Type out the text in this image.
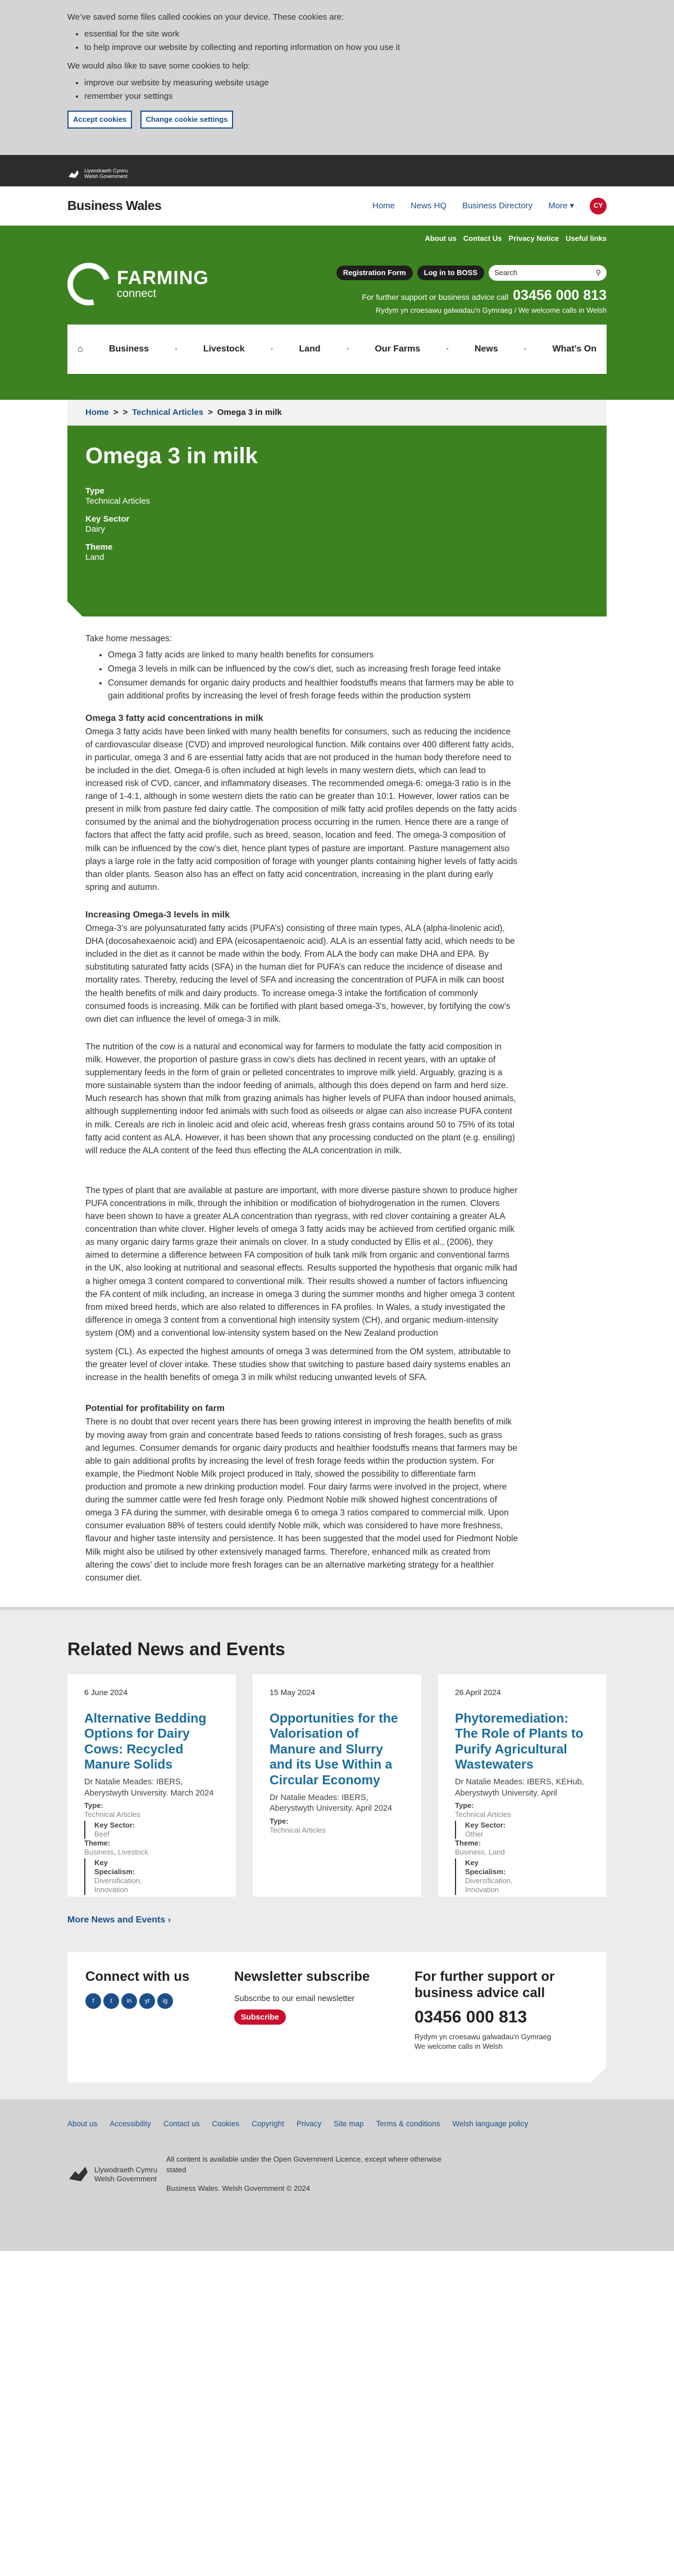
We’ve saved some files called cookies on your device. These cookies are:

• essential for the site work
• to help improve our website by collecting and reporting information on how you use it

We would also like to save some cookies to help:

• improve our website by measuring website usage
• remember your settings
Accept cookies	Change cookie settings
Llywodraeth Cymru
Welsh Government
Business Wales	Home News HQ Business Directory More ▾	CY
About us Contact Us Privacy Notice Useful links
FARMING
connect
Registration Form	Log in to BOSS	Search	⚲
For further support or business advice call 03456 000 813
Rydym yn croesawu galwadau'n Gymraeg / We welcome calls in Welsh
⌂	Business	•	Livestock	•	Land	•	Our Farms	•	News	•	What's On
Home > > Technical Articles > Omega 3 in milk
Omega 3 in milk
Type
Technical Articles
Key Sector
Dairy
Theme
Land
Take home messages:
• Omega 3 fatty acids are linked to many health benefits for consumers
• Omega 3 levels in milk can be influenced by the cow’s diet, such as increasing fresh forage feed intake
• Consumer demands for organic dairy products and healthier foodstuffs means that farmers may be able to gain additional profits by increasing the level of fresh forage feeds within the production system
Omega 3 fatty acid concentrations in milk

Omega 3 fatty acids have been linked with many health benefits for consumers, such as reducing the incidence of cardiovascular disease (CVD) and improved neurological function. Milk contains over 400 different fatty acids, in particular, omega 3 and 6 are essential fatty acids that are not produced in the human body therefore need to be included in the diet. Omega-6 is often included at high levels in many western diets, which can lead to increased risk of CVD, cancer, and inflammatory diseases. The recommended omega-6: omega-3 ratio is in the range of 1-4:1, although in some western diets the ratio can be greater than 10:1. However, lower ratios can be present in milk from pasture fed dairy cattle. The composition of milk fatty acid profiles depends on the fatty acids consumed by the animal and the biohydrogenation process occurring in the rumen. Hence there are a range of factors that affect the fatty acid profile, such as breed, season, location and feed. The omega-3 composition of milk can be influenced by the cow’s diet, hence plant types of pasture are important. Pasture management also plays a large role in the fatty acid composition of forage with younger plants containing higher levels of fatty acids than older plants. Season also has an effect on fatty acid concentration, increasing in the plant during early spring and autumn.

Increasing Omega-3 levels in milk

Omega-3’s are polyunsaturated fatty acids (PUFA’s) consisting of three main types, ALA (alpha-linolenic acid), DHA (docosahexaenoic acid) and EPA (eicosapentaenoic acid). ALA is an essential fatty acid, which needs to be included in the diet as it cannot be made within the body. From ALA the body can make DHA and EPA. By substituting saturated fatty acids (SFA) in the human diet for PUFA’s can reduce the incidence of disease and mortality rates. Thereby, reducing the level of SFA and increasing the concentration of PUFA in milk can boost the health benefits of milk and dairy products. To increase omega-3 intake the fortification of commonly consumed foods is increasing. Milk can be fortified with plant based omega-3’s, however, by fortifying the cow’s own diet can influence the level of omega-3 in milk.

The nutrition of the cow is a natural and economical way for farmers to modulate the fatty acid composition in milk. However, the proportion of pasture grass in cow’s diets has declined in recent years, with an uptake of supplementary feeds in the form of grain or pelleted concentrates to improve milk yield. Arguably, grazing is a more sustainable system than the indoor feeding of animals, although this does depend on farm and herd size. Much research has shown that milk from grazing animals has higher levels of PUFA than indoor housed animals, although supplementing indoor fed animals with such food as oilseeds or algae can also increase PUFA content in milk. Cereals are rich in linoleic acid and oleic acid, whereas fresh grass contains around 50 to 75% of its total fatty acid content as ALA. However, it has been shown that any processing conducted on the plant (e.g. ensiling) will reduce the ALA content of the feed thus effecting the ALA concentration in milk.

The types of plant that are available at pasture are important, with more diverse pasture shown to produce higher PUFA concentrations in milk, through the inhibition or modification of biohydrogenation in the rumen. Clovers have been shown to have a greater ALA concentration than ryegrass, with red clover containing a greater ALA concentration than white clover. Higher levels of omega 3 fatty acids may be achieved from certified organic milk as many organic dairy farms graze their animals on clover. In a study conducted by Ellis et al., (2006), they aimed to determine a difference between FA composition of bulk tank milk from organic and conventional farms in the UK, also looking at nutritional and seasonal effects. Results supported the hypothesis that organic milk had a higher omega 3 content compared to conventional milk. Their results showed a number of factors influencing the FA content of milk including, an increase in omega 3 during the summer months and higher omega 3 content from mixed breed herds, which are also related to differences in FA profiles. In Wales, a study investigated the difference in omega 3 content from a conventional high intensity system (CH), and organic medium-intensity system (OM) and a conventional low-intensity system based on the New Zealand production

system (CL). As expected the highest amounts of omega 3 was determined from the OM system, attributable to the greater level of clover intake. These studies show that switching to pasture based dairy systems enables an increase in the health benefits of omega 3 in milk whilst reducing unwanted levels of SFA.

Potential for profitability on farm

There is no doubt that over recent years there has been growing interest in improving the health benefits of milk by moving away from grain and concentrate based feeds to rations consisting of fresh forages, such as grass and legumes. Consumer demands for organic dairy products and healthier foodstuffs means that farmers may be able to gain additional profits by increasing the level of fresh forage feeds within the production system. For example, the Piedmont Noble Milk project produced in Italy, showed the possibility to differentiate farm production and promote a new drinking production model. Four dairy farms were involved in the project, where during the summer cattle were fed fresh forage only. Piedmont Noble milk showed highest concentrations of omega 3 FA during the summer, with desirable omega 6 to omega 3 ratios compared to commercial milk. Upon consumer evaluation 88% of testers could identify Noble milk, which was considered to have more freshness, flavour and higher taste intensity and persistence. It has been suggested that the model used for Piedmont Noble Milk might also be utilised by other extensively managed farms. Therefore, enhanced milk as created from altering the cows’ diet to include more fresh forages can be an alternative marketing strategy for a healthier consumer diet.

Related News and Events
6 June 2024
Alternative Bedding Options for Dairy Cows: Recycled Manure Solids
Dr Natalie Meades: IBERS, Aberystwyth University. March 2024
Type:
Technical Articles
Key Sector:
Beef
Theme:
Business, Livestock
Key Specialism:
Diversification, Innovation
15 May 2024
Opportunities for the Valorisation of Manure and Slurry and its Use Within a Circular Economy
Dr Natalie Meades: IBERS, Aberystwyth University. April 2024
Type:
Technical Articles
26 April 2024
Phytoremediation: The Role of Plants to Purify Agricultural Wastewaters
Dr Natalie Meades: IBERS, KEHub, Aberystwyth University. April
Type:
Technical Articles
Key Sector:
Other
Theme:
Business, Land
Key Specialism:
Diversification, Innovation
More News and Events ›
Connect with us
f	t	in	yt	ig
Newsletter subscribe

Subscribe to our email newsletter

Subscribe
For further support or business advice call
03456 000 813
Rydym yn croesawu galwadau'n Gymraeg
We welcome calls in Welsh
About us Accessibility Contact us Cookies Copyright Privacy Site map Terms & conditions Welsh language policy
Llywodraeth Cymru
Welsh Government
All content is available under the Open Government Licence, except where otherwise stated
Business Wales. Welsh Government © 2024
